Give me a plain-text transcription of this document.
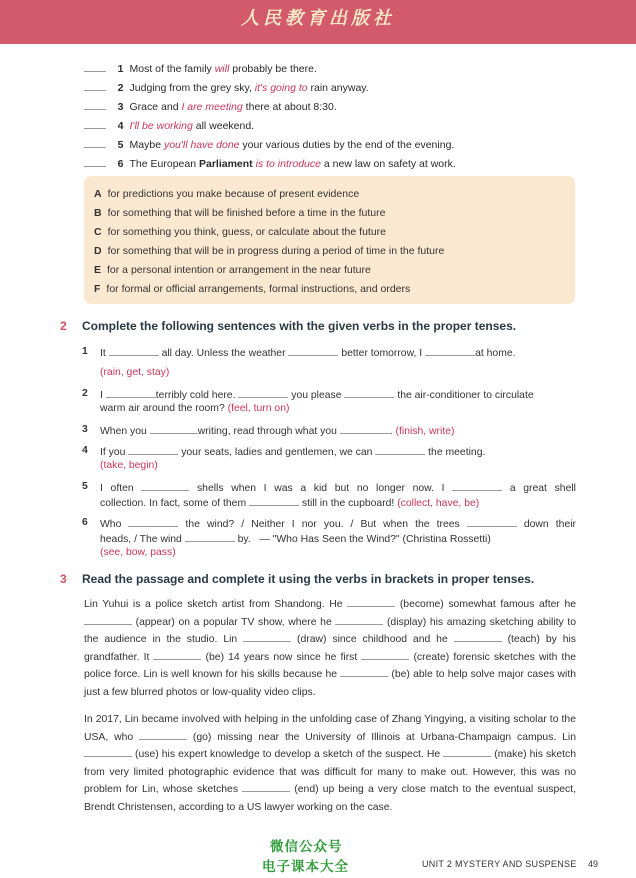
人民教育出版社
1 Most of the family will probably be there.
2 Judging from the grey sky, it's going to rain anyway.
3 Grace and I are meeting there at about 8:30.
4 I'll be working all weekend.
5 Maybe you'll have done your various duties by the end of the evening.
6 The European Parliament is to introduce a new law on safety at work.
A for predictions you make because of present evidence
B for something that will be finished before a time in the future
C for something you think, guess, or calculate about the future
D for something that will be in progress during a period of time in the future
E for a personal intention or arrangement in the near future
F for formal or official arrangements, formal instructions, and orders
2 Complete the following sentences with the given verbs in the proper tenses.
1 It	all day. Unless the weather	better tomorrow, I	at home.
(rain, get, stay)
2 I	terribly cold here.	you please	the air-conditioner to circulate
warm air around the room? (feel, turn on)
3 When you	writing, read through what you	. (finish, write)
4 If you	your seats, ladies and gentlemen, we can	the meeting.
(take, begin)
5 I often	shells when I was a kid but no longer now. I	a great shell
collection. In fact, some of them	still in the cupboard! (collect, have, be)
6 Who	the wind? / Neither I nor you. / But when the trees	down their
heads, / The wind	by. — "Who Has Seen the Wind?" (Christina Rossetti)
(see, bow, pass)
3 Read the passage and complete it using the verbs in brackets in proper tenses.
Lin Yuhui is a police sketch artist from Shandong. He	(become) somewhat famous after he  (appear) on a popular TV show, where he	(display) his amazing sketching ability to the audience in the studio. Lin	(draw) since childhood and he	(teach) by his grandfather. It	(be) 14 years now since he first	(create) forensic sketches with the police force. Lin is well known for his skills because he	(be) able to help solve major cases with just a few blurred photos or low-quality video clips.
In 2017, Lin became involved with helping in the unfolding case of Zhang Yingying, a visiting scholar to the USA, who	(go) missing near the University of Illinois at Urbana-Champaign campus. Lin  (use) his expert knowledge to develop a sketch of the suspect. He	(make) his sketch from very limited photographic evidence that was difficult for many to make out. However, this was no problem for Lin, whose sketches	(end) up being a very close match to the eventual suspect, Brendt Christensen, according to a US lawyer working on the case.
微信公众号
电子课本大全	UNIT 2 MYSTERY AND SUSPENSE 49
